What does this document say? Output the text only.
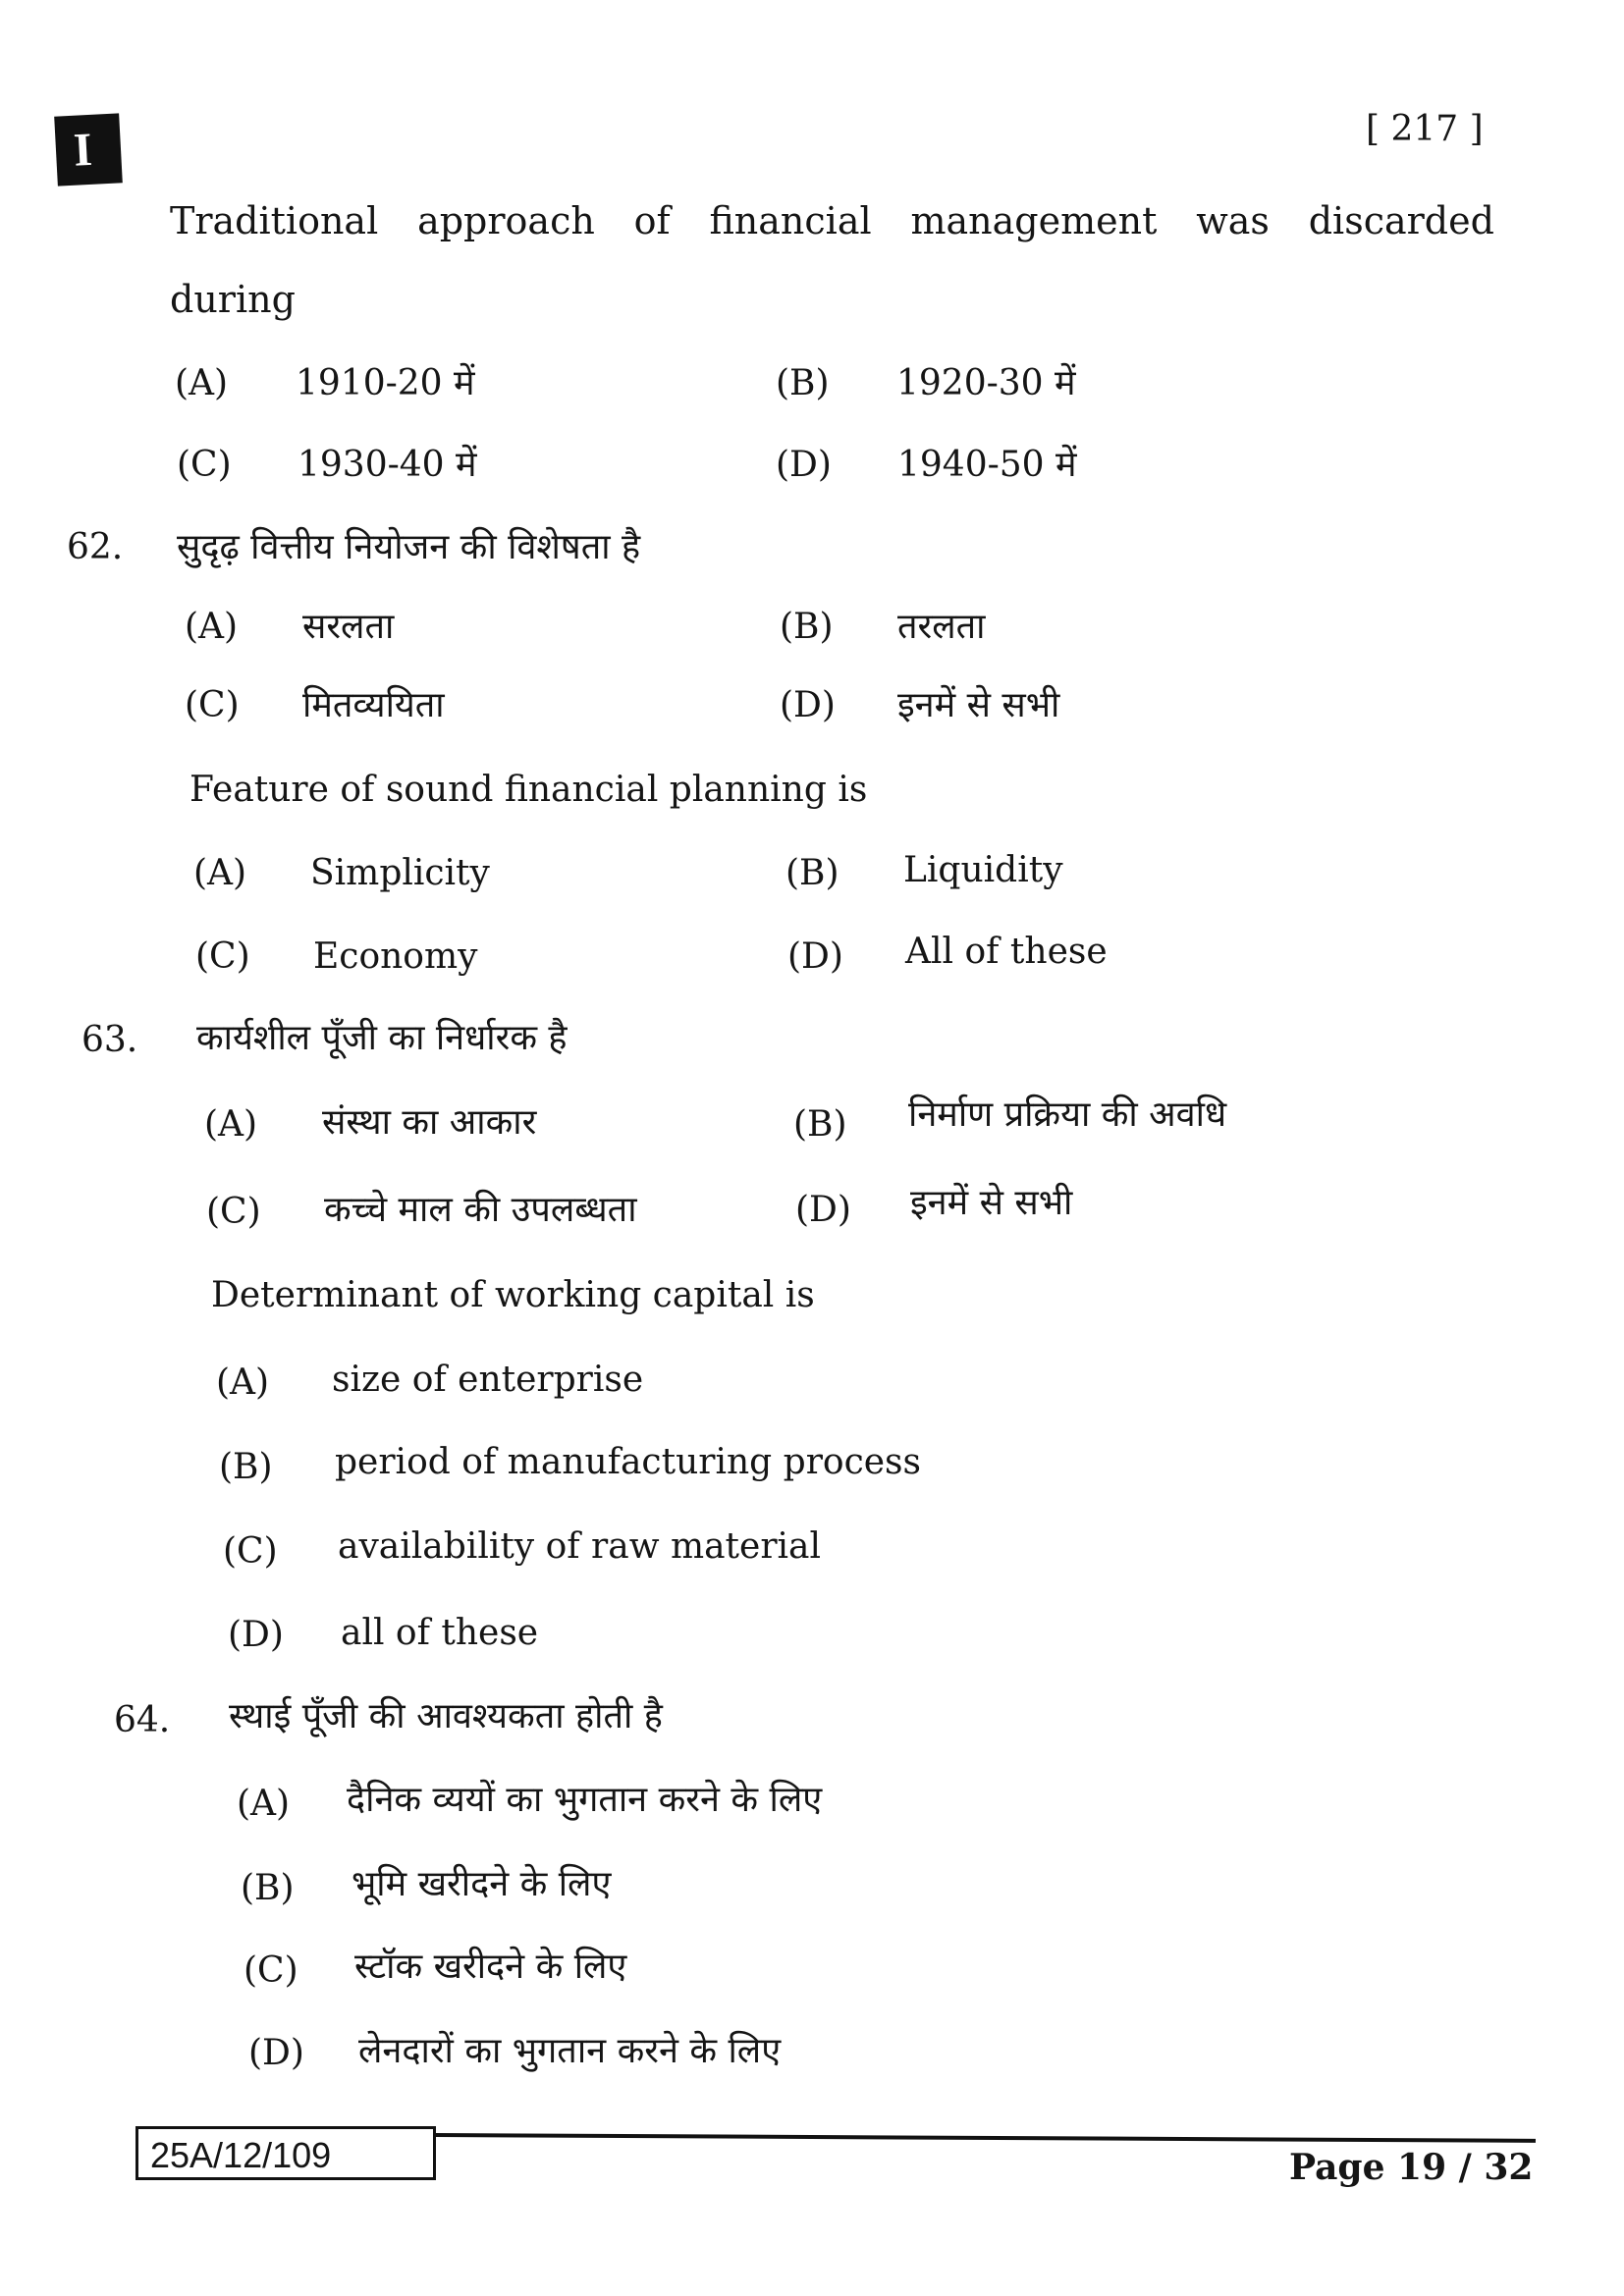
I	[ 217 ]
Traditional approach of financial management was discarded
during
(A) 1910-20 में	(B) 1920-30 में
(C) 1930-40 में	(D) 1940-50 में
62. सुदृढ़ वित्तीय नियोजन की विशेषता है
(A) सरलता	(B) तरलता
(C) मितव्ययिता	(D) इनमें से सभी
Feature of sound financial planning is
(A) Simplicity	(B) Liquidity
(C) Economy	(D) All of these
63. कार्यशील पूँजी का निर्धारक है
(A) संस्था का आकार	(B) निर्माण प्रक्रिया की अवधि
(C) कच्चे माल की उपलब्धता	(D) इनमें से सभी
Determinant of working capital is
(A) size of enterprise
(B) period of manufacturing process
(C) availability of raw material
(D) all of these
64. स्थाई पूँजी की आवश्यकता होती है
(A) दैनिक व्ययों का भुगतान करने के लिए
(B) भूमि खरीदने के लिए
(C) स्टॉक खरीदने के लिए
(D) लेनदारों का भुगतान करने के लिए
25A/12/109	Page 19 / 32
